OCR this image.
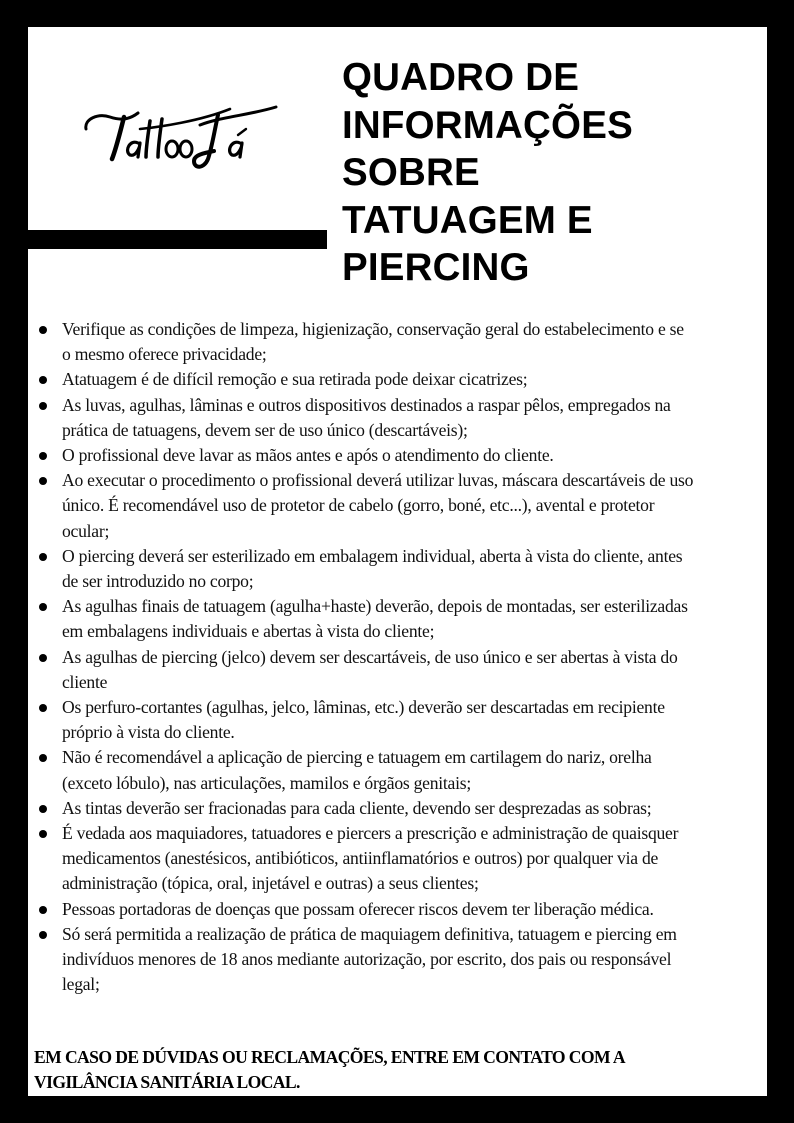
QUADRO DE
INFORMAÇÕES
SOBRE
TATUAGEM E
PIERCING
Verifique as condições de limpeza, higienização, conservação geral do estabelecimento e se
o mesmo oferece privacidade;
Atatuagem é de difícil remoção e sua retirada pode deixar cicatrizes;
As luvas, agulhas, lâminas e outros dispositivos destinados a raspar pêlos, empregados na
prática de tatuagens, devem ser de uso único (descartáveis);
O profissional deve lavar as mãos antes e após o atendimento do cliente.
Ao executar o procedimento o profissional deverá utilizar luvas, máscara descartáveis de uso
único. É recomendável uso de protetor de cabelo (gorro, boné, etc...), avental e protetor
ocular;
O piercing deverá ser esterilizado em embalagem individual, aberta à vista do cliente, antes
de ser introduzido no corpo;
As agulhas finais de tatuagem (agulha+haste) deverão, depois de montadas, ser esterilizadas
em embalagens individuais e abertas à vista do cliente;
As agulhas de piercing (jelco) devem ser descartáveis, de uso único e ser abertas à vista do
cliente
Os perfuro-cortantes (agulhas, jelco, lâminas, etc.) deverão ser descartadas em recipiente
próprio à vista do cliente.
Não é recomendável a aplicação de piercing e tatuagem em cartilagem do nariz, orelha
(exceto lóbulo), nas articulações, mamilos e órgãos genitais;
As tintas deverão ser fracionadas para cada cliente, devendo ser desprezadas as sobras;
É vedada aos maquiadores, tatuadores e piercers a prescrição e administração de quaisquer
medicamentos (anestésicos, antibióticos, antiinflamatórios e outros) por qualquer via de
administração (tópica, oral, injetável e outras) a seus clientes;
Pessoas portadoras de doenças que possam oferecer riscos devem ter liberação médica.
Só será permitida a realização de prática de maquiagem definitiva, tatuagem e piercing em
indivíduos menores de 18 anos mediante autorização, por escrito, dos pais ou responsável
legal;

EM CASO DE DÚVIDAS OU RECLAMAÇÕES, ENTRE EM CONTATO COM A
VIGILÂNCIA SANITÁRIA LOCAL.
